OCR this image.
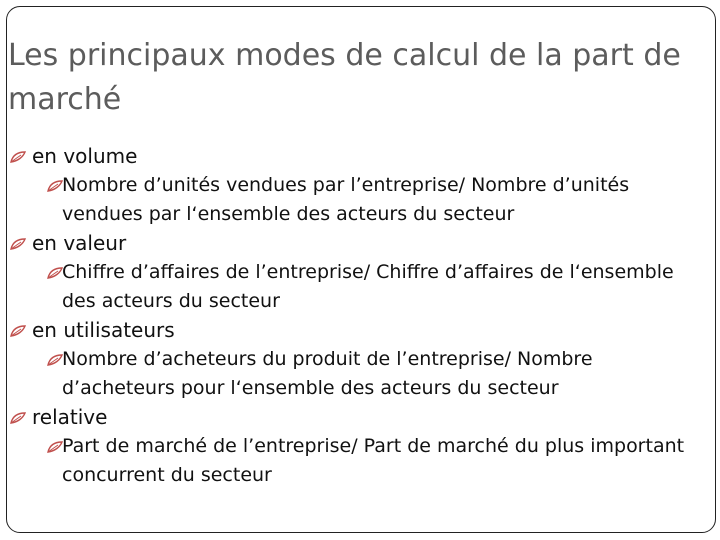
Les principaux modes de calcul de la part de marché

en volume

Nombre d’unités vendues par l’entreprise/ Nombre d’unités vendues par l‘ensemble des acteurs du secteur

en valeur

Chiffre d’affaires de l’entreprise/ Chiffre d’affaires de l‘ensemble des acteurs du secteur

en utilisateurs

Nombre d’acheteurs du produit de l’entreprise/ Nombre d’acheteurs pour l‘ensemble des acteurs du secteur

relative

Part de marché de l’entreprise/ Part de marché du plus important concurrent du secteur
